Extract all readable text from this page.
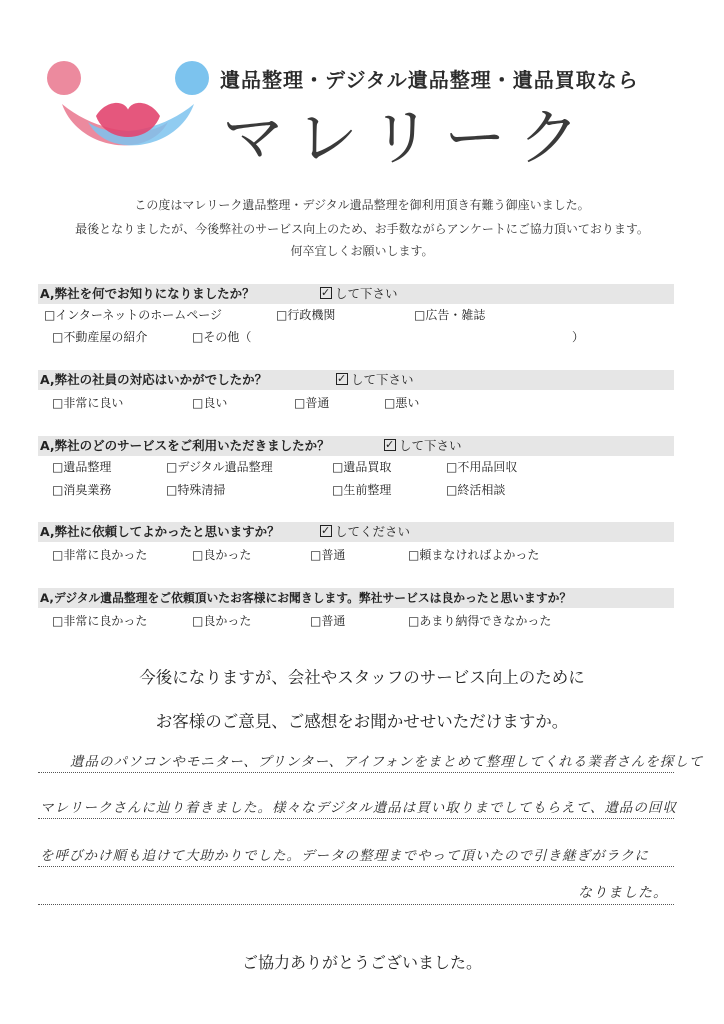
遺品整理・デジタル遺品整理・遺品買取なら
マレリーク
この度はマレリーク遺品整理・デジタル遺品整理を御利用頂き有難う御座いました。
最後となりましたが、今後弊社のサービス向上のため、お手数ながらアンケートにご協力頂いております。
何卒宜しくお願いします。
A,弊社を何でお知りになりましたか？ ✓	して下さい
□インターネットのホームページ	□行政機関	□広告・雑誌
□不動産屋の紹介	□その他（	）
A,弊社の社員の対応はいかがでしたか？ ✓	して下さい
□非常に良い	□良い	□普通	□悪い
A,弊社のどのサービスをご利用いただきましたか？ ✓	して下さい
□遺品整理	□デジタル遺品整理	□遺品買取	□不用品回収
□消臭業務	□特殊清掃	□生前整理	□終活相談
A,弊社に依頼してよかったと思いますか？ ✓	してください
□非常に良かった	□良かった	□普通	□頼まなければよかった
A,デジタル遺品整理をご依頼頂いたお客様にお聞きします。弊社サービスは良かったと思いますか？
□非常に良かった	□良かった	□普通	□あまり納得できなかった
今後になりますが、会社やスタッフのサービス向上のために
お客様のご意見、ご感想をお聞かせせいただけますか。
遺品のパソコンやモニター、プリンター、アイフォンをまとめて整理してくれる業者さんを探して
マレリークさんに辿り着きました。様々なデジタル遺品は買い取りまでしてもらえて、遺品の回収
を呼びかけ順も追けて大助かりでした。データの整理までやって頂いたので引き継ぎがラクに
なりました。
ご協力ありがとうございました。
